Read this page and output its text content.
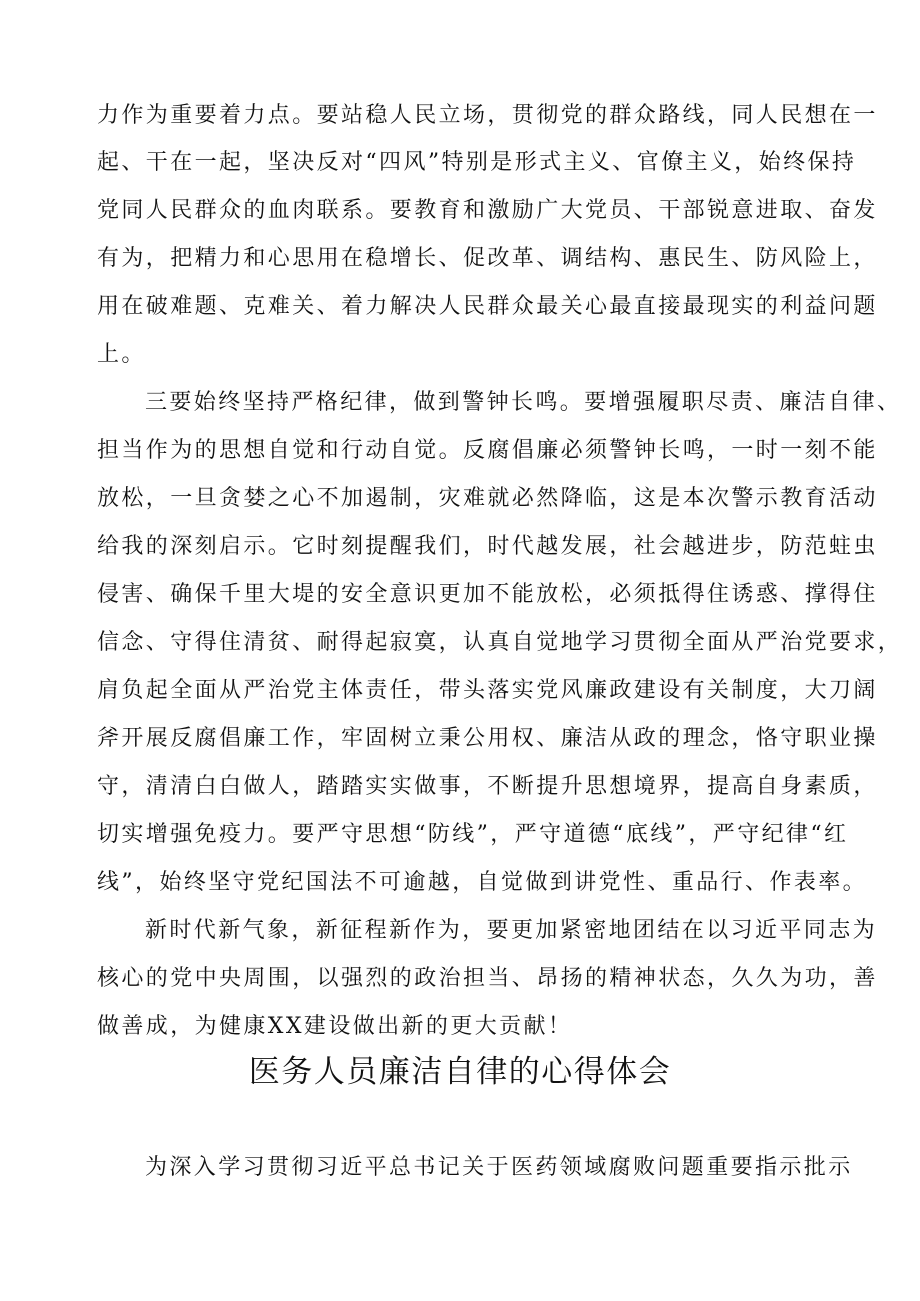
力作为重要着力点。要站稳人民立场，贯彻党的群众路线，同人民想在一
起、干在一起，坚决反对“四风”特别是形式主义、官僚主义，始终保持
党同人民群众的血肉联系。要教育和激励广大党员、干部锐意进取、奋发
有为，把精力和心思用在稳增长、促改革、调结构、惠民生、防风险上，
用在破难题、克难关、着力解决人民群众最关心最直接最现实的利益问题
上。
三要始终坚持严格纪律，做到警钟长鸣。要增强履职尽责、廉洁自律、
担当作为的思想自觉和行动自觉。反腐倡廉必须警钟长鸣，一时一刻不能
放松，一旦贪婪之心不加遏制，灾难就必然降临，这是本次警示教育活动
给我的深刻启示。它时刻提醒我们，时代越发展，社会越进步，防范蛀虫
侵害、确保千里大堤的安全意识更加不能放松，必须抵得住诱惑、撑得住
信念、守得住清贫、耐得起寂寞，认真自觉地学习贯彻全面从严治党要求，
肩负起全面从严治党主体责任，带头落实党风廉政建设有关制度，大刀阔
斧开展反腐倡廉工作，牢固树立秉公用权、廉洁从政的理念，恪守职业操
守，清清白白做人，踏踏实实做事，不断提升思想境界，提高自身素质，
切实增强免疫力。要严守思想“防线”，严守道德“底线”，严守纪律“红
线”，始终坚守党纪国法不可逾越，自觉做到讲党性、重品行、作表率。
新时代新气象，新征程新作为，要更加紧密地团结在以习近平同志为
核心的党中央周围，以强烈的政治担当、昂扬的精神状态，久久为功，善
做善成，为健康XX建设做出新的更大贡献！
医务人员廉洁自律的心得体会
为深入学习贯彻习近平总书记关于医药领域腐败问题重要指示批示
